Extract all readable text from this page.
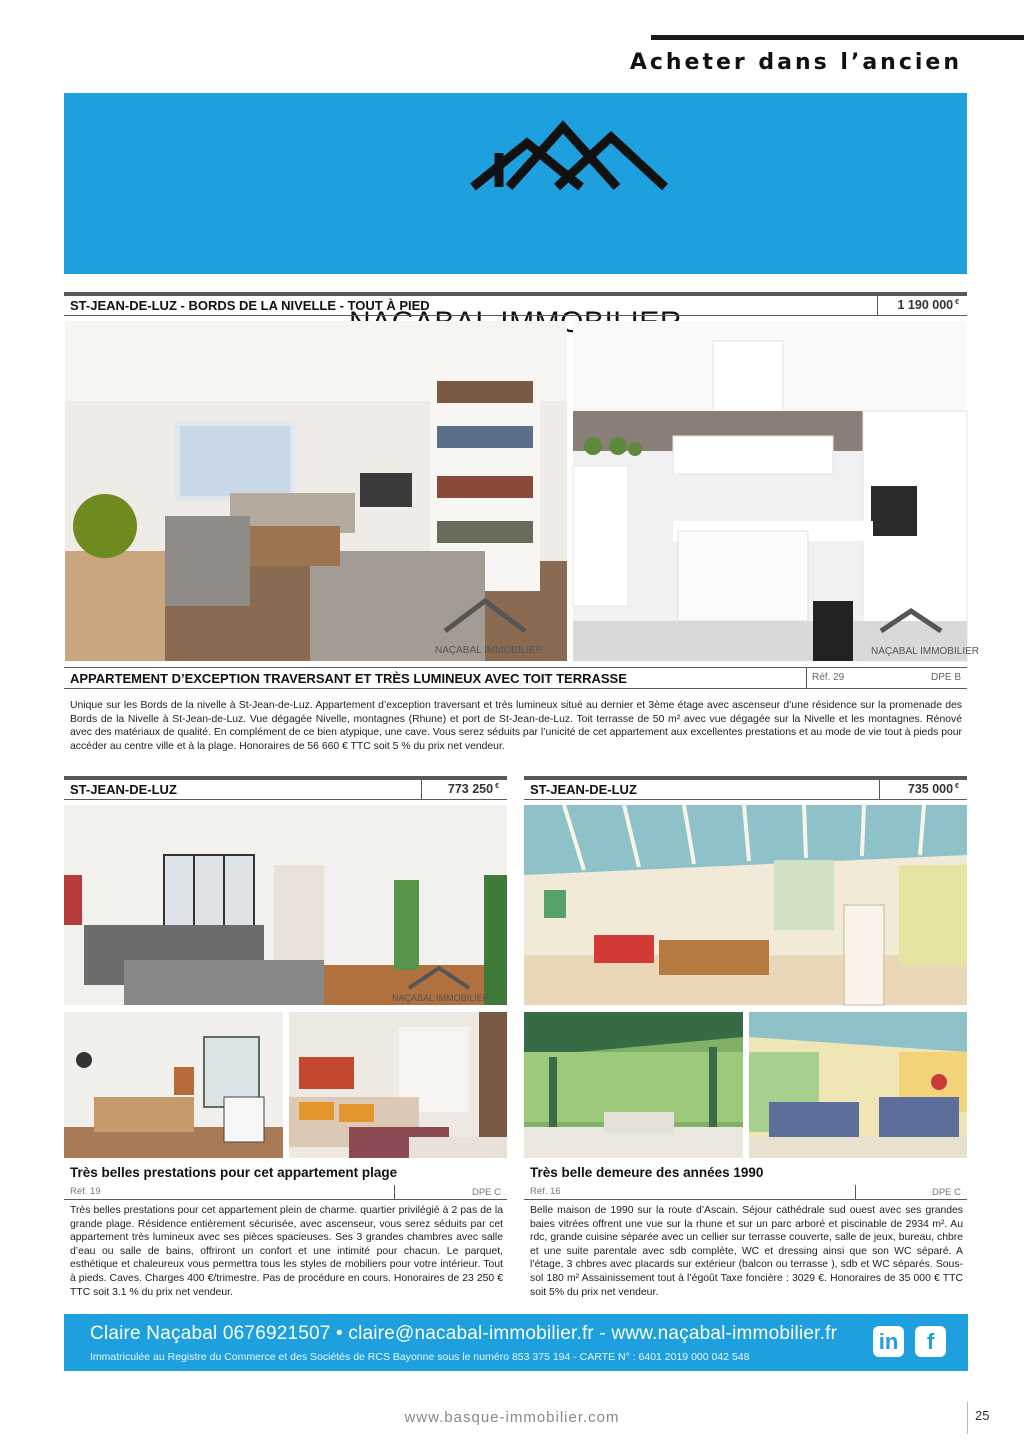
Acheter dans l’ancien
ST-JEAN-DE-LUZ - BORDS DE LA NIVELLE - TOUT À PIED	1 190 000 €
NAÇABAL IMMOBILIER	NAÇABAL IMMOBILIER
APPARTEMENT D’EXCEPTION TRAVERSANT ET TRÈS LUMINEUX AVEC TOIT TERRASSE	Réf. 29	DPE B
Unique sur les Bords de la nivelle à St-Jean-de-Luz. Appartement d’exception traversant et très lumineux situé au dernier et 3ème étage avec ascenseur d’une résidence sur la promenade des Bords de la Nivelle à St-Jean-de-Luz. Vue dégagée Nivelle, montagnes (Rhune) et port de St-Jean-de-Luz. Toit terrasse de 50 m² avec vue dégagée sur la Nivelle et les montagnes. Rénové avec des matériaux de qualité. En complément de ce bien atypique, une cave. Vous serez séduits par l’unicité de cet appartement aux excellentes prestations et au mode de vie tout à pieds pour accéder au centre ville et à la plage. Honoraires de 56 660 € TTC soit 5 % du prix net vendeur.
ST-JEAN-DE-LUZ	773 250 €
NAÇABAL IMMOBILIER
Très belles prestations pour cet appartement plage
Réf. 19	DPE C
Très belles prestations pour cet appartement plein de charme. quartier privilégié à 2 pas de la grande plage. Résidence entièrement sécurisée, avec ascenseur, vous serez séduits par cet appartement très lumineux avec ses pièces spacieuses. Ses 3 grandes chambres avec salle d’eau ou salle de bains, offriront un confort et une intimité pour chacun. Le parquet, esthétique et chaleureux vous permettra tous les styles de mobiliers pour votre intérieur. Tout à pieds. Caves. Charges 400 €/trimestre. Pas de procédure en cours. Honoraires de 23 250 € TTC soit 3.1 % du prix net vendeur.
ST-JEAN-DE-LUZ	735 000 €
Très belle demeure des années 1990
Réf. 16	DPE C
Belle maison de 1990 sur la route d’Ascain. Séjour cathédrale sud ouest avec ses grandes baies vitrées offrent une vue sur la rhune et sur un parc arboré et piscinable de 2934 m². Au rdc, grande cuisine séparée avec un cellier sur terrasse couverte, salle de jeux, bureau, chbre et une suite parentale avec sdb complète, WC et dressing ainsi que son WC séparé. A l’étage, 3 chbres avec placards sur extérieur (balcon ou terrasse ), sdb et WC séparés. Sous-sol 180 m² Assainissement tout à l’égoût Taxe foncière : 3029 €. Honoraires de 35 000 € TTC soit 5% du prix net vendeur.
Claire Naçabal 0676921507 • claire@nacabal-immobilier.fr - www.naçabal-immobilier.fr
Immatriculée au Registre du Commerce et des Sociétés de RCS Bayonne sous le numéro 853 375 194 - CARTE N° : 6401 2019 000 042 548
in	f
www.basque-immobilier.com	25
